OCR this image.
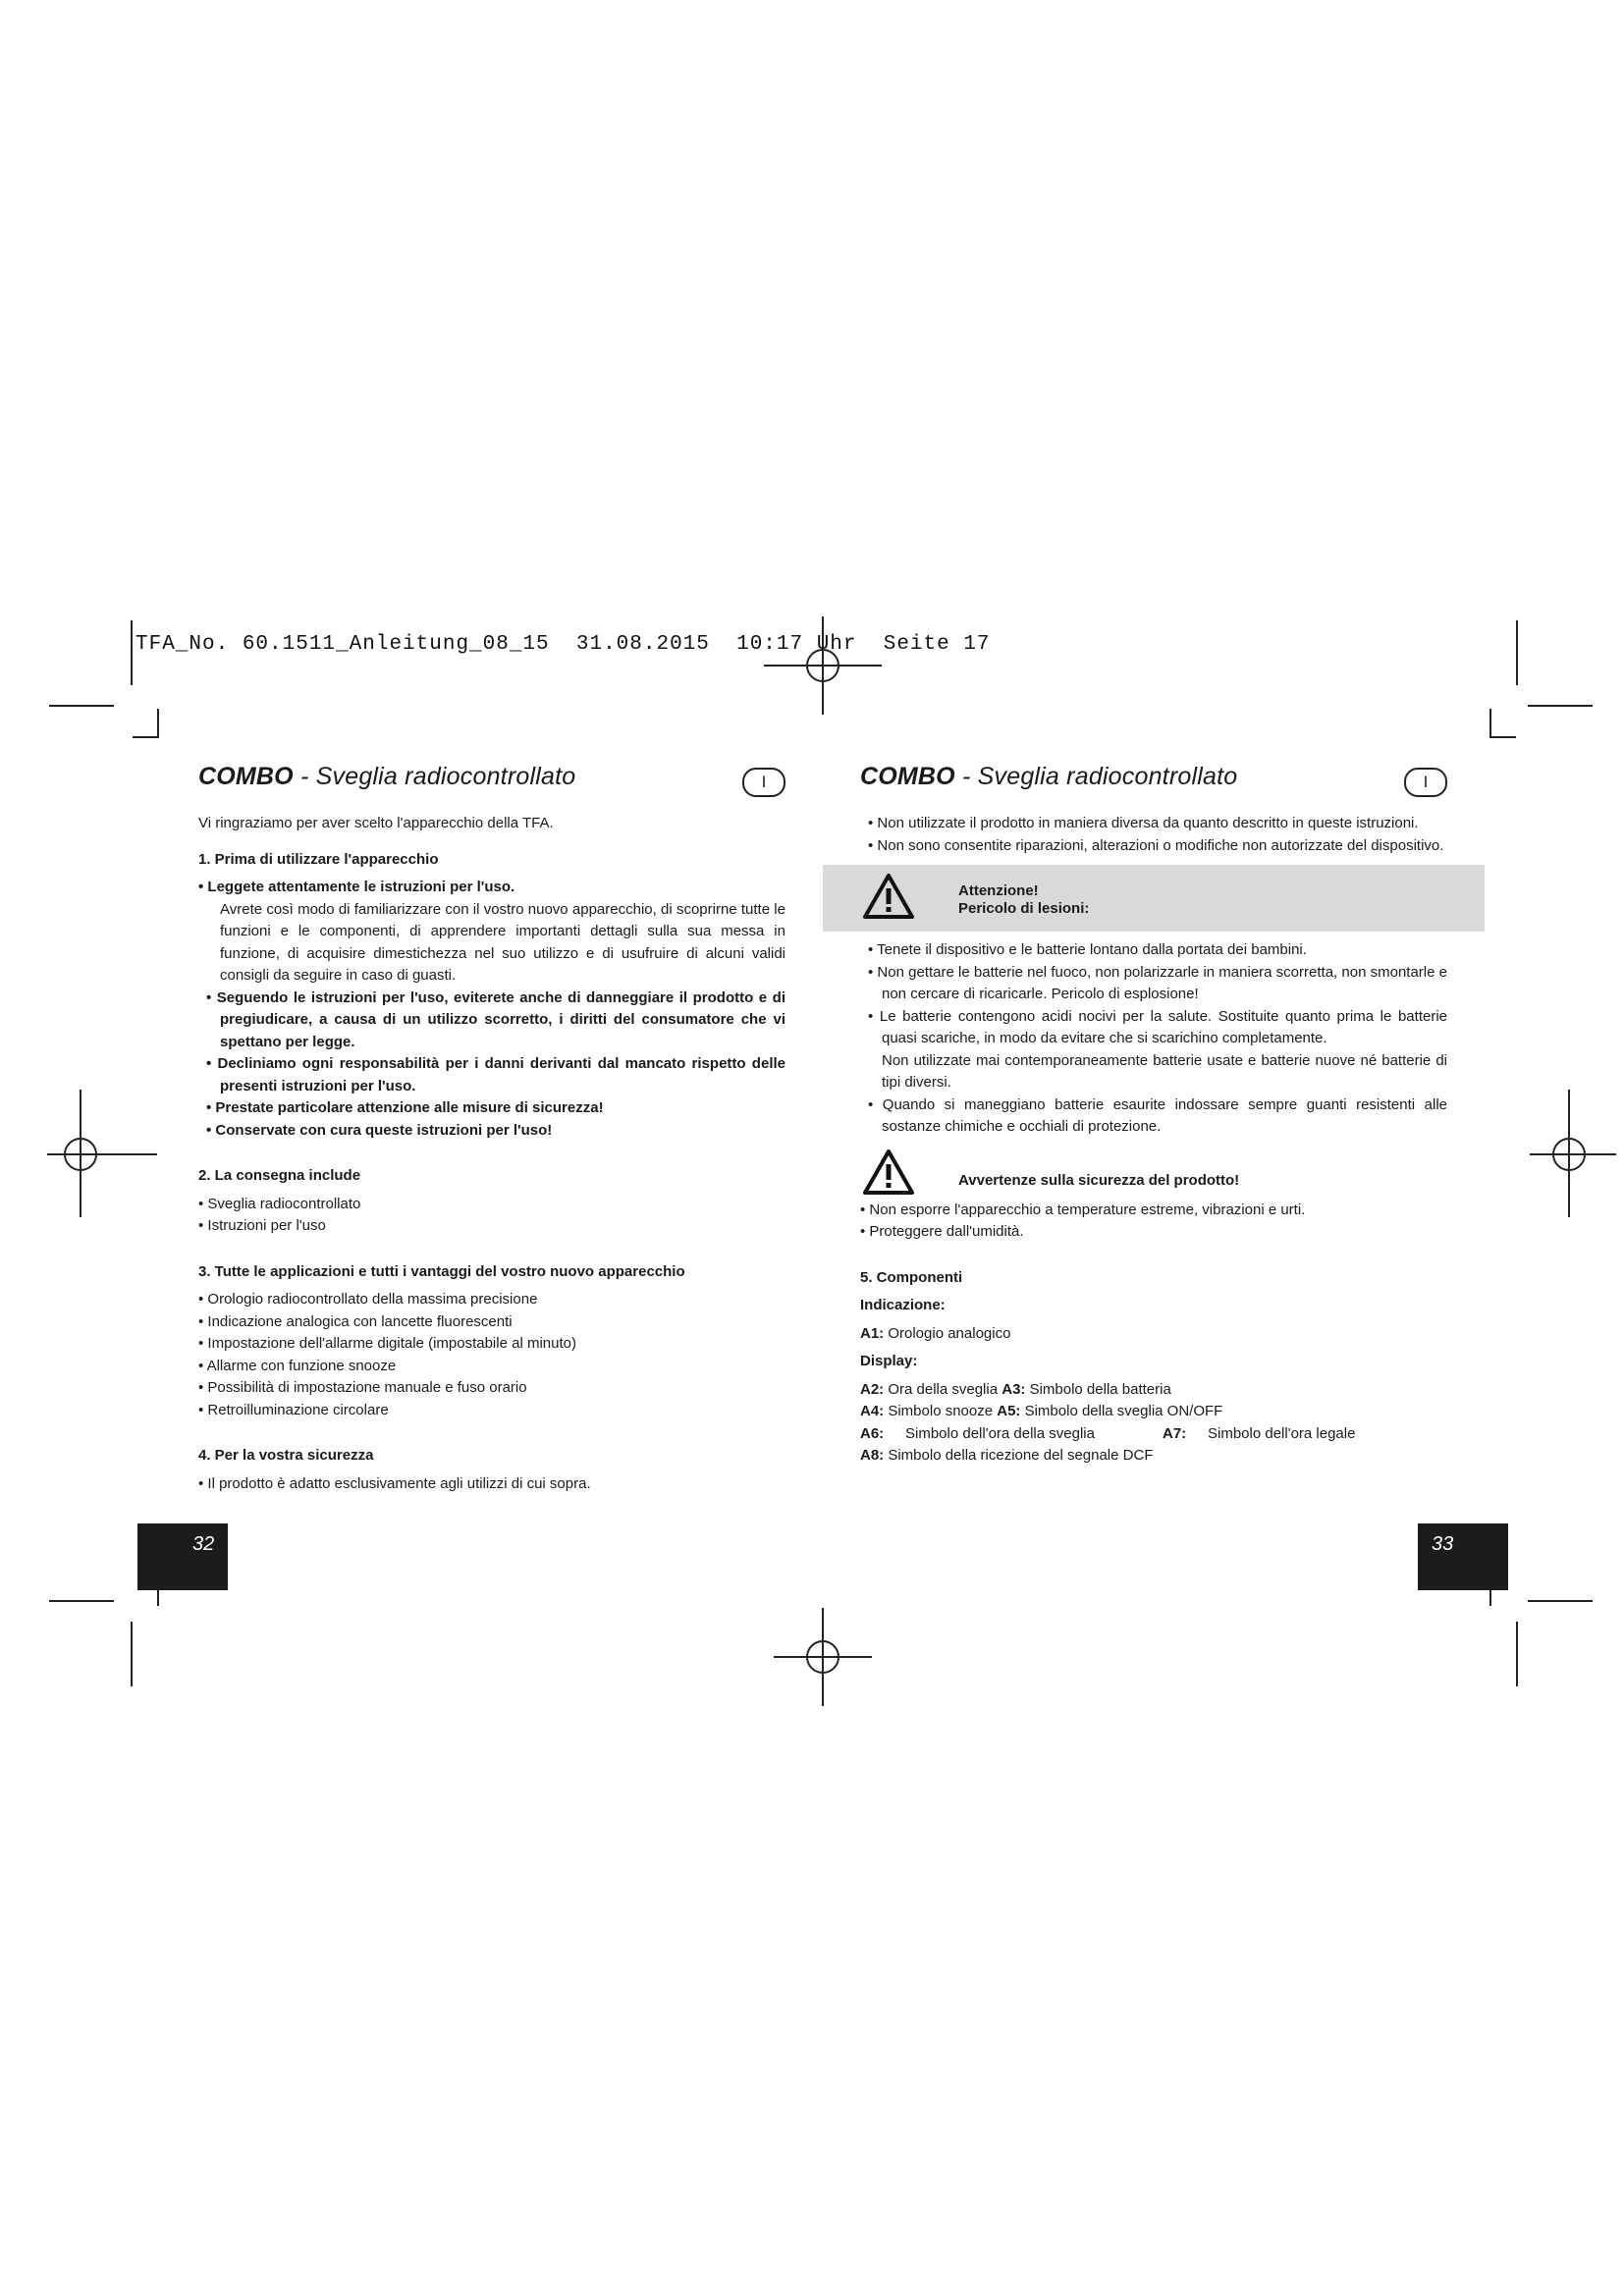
TFA_No. 60.1511_Anleitung_08_15  31.08.2015  10:17 Uhr  Seite 17
COMBO - Sveglia radiocontrollato	I

Vi ringraziamo per aver scelto l'apparecchio della TFA.

1. Prima di utilizzare l'apparecchio

• Leggete attentamente le istruzioni per l'uso.

Avrete così modo di familiarizzare con il vostro nuovo apparecchio, di scoprirne tutte le funzioni e le componenti, di apprendere importanti dettagli sulla sua messa in funzione, di acquisire dimestichezza nel suo utilizzo e di usufruire di alcuni validi consigli da seguire in caso di guasti.

• Seguendo le istruzioni per l'uso, eviterete anche di danneggiare il prodotto e di pregiudicare, a causa di un utilizzo scorretto, i diritti del consumatore che vi spettano per legge.

• Decliniamo ogni responsabilità per i danni derivanti dal mancato rispetto delle presenti istruzioni per l'uso.

• Prestate particolare attenzione alle misure di sicurezza!

• Conservate con cura queste istruzioni per l'uso!

2. La consegna include

• Sveglia radiocontrollato

• Istruzioni per l'uso

3. Tutte le applicazioni e tutti i vantaggi del vostro nuovo apparecchio

• Orologio radiocontrollato della massima precisione

• Indicazione analogica con lancette fluorescenti

• Impostazione dell'allarme digitale (impostabile al minuto)

• Allarme con funzione snooze

• Possibilità di impostazione manuale e fuso orario

• Retroilluminazione circolare

4. Per la vostra sicurezza

• Il prodotto è adatto esclusivamente agli utilizzi di cui sopra.

32
COMBO - Sveglia radiocontrollato	I

• Non utilizzate il prodotto in maniera diversa da quanto descritto in queste istruzioni.

• Non sono consentite riparazioni, alterazioni o modifiche non autorizzate del dispositivo.

Attenzione!
Pericolo di lesioni:

• Tenete il dispositivo e le batterie lontano dalla portata dei bambini.

• Non gettare le batterie nel fuoco, non polarizzarle in maniera scorretta, non smontarle e non cercare di ricaricarle. Pericolo di esplosione!

• Le batterie contengono acidi nocivi per la salute. Sostituite quanto prima le batterie quasi scariche, in modo da evitare che si scarichino completamente.

Non utilizzate mai contemporaneamente batterie usate e batterie nuove né batterie di tipi diversi.

• Quando si maneggiano batterie esaurite indossare sempre guanti resistenti alle sostanze chimiche e occhiali di protezione.

Avvertenze sulla sicurezza del prodotto!

• Non esporre l'apparecchio a temperature estreme, vibrazioni e urti.

• Proteggere dall'umidità.

5. Componenti

Indicazione:

A1: Orologio analogico

Display:

A2: Ora della sveglia A3: Simbolo della batteria

A4: Simbolo snooze A5: Simbolo della sveglia ON/OFF

A6: Simbolo dell'ora della sveglia	A7: Simbolo dell'ora legale

A8: Simbolo della ricezione del segnale DCF

33
